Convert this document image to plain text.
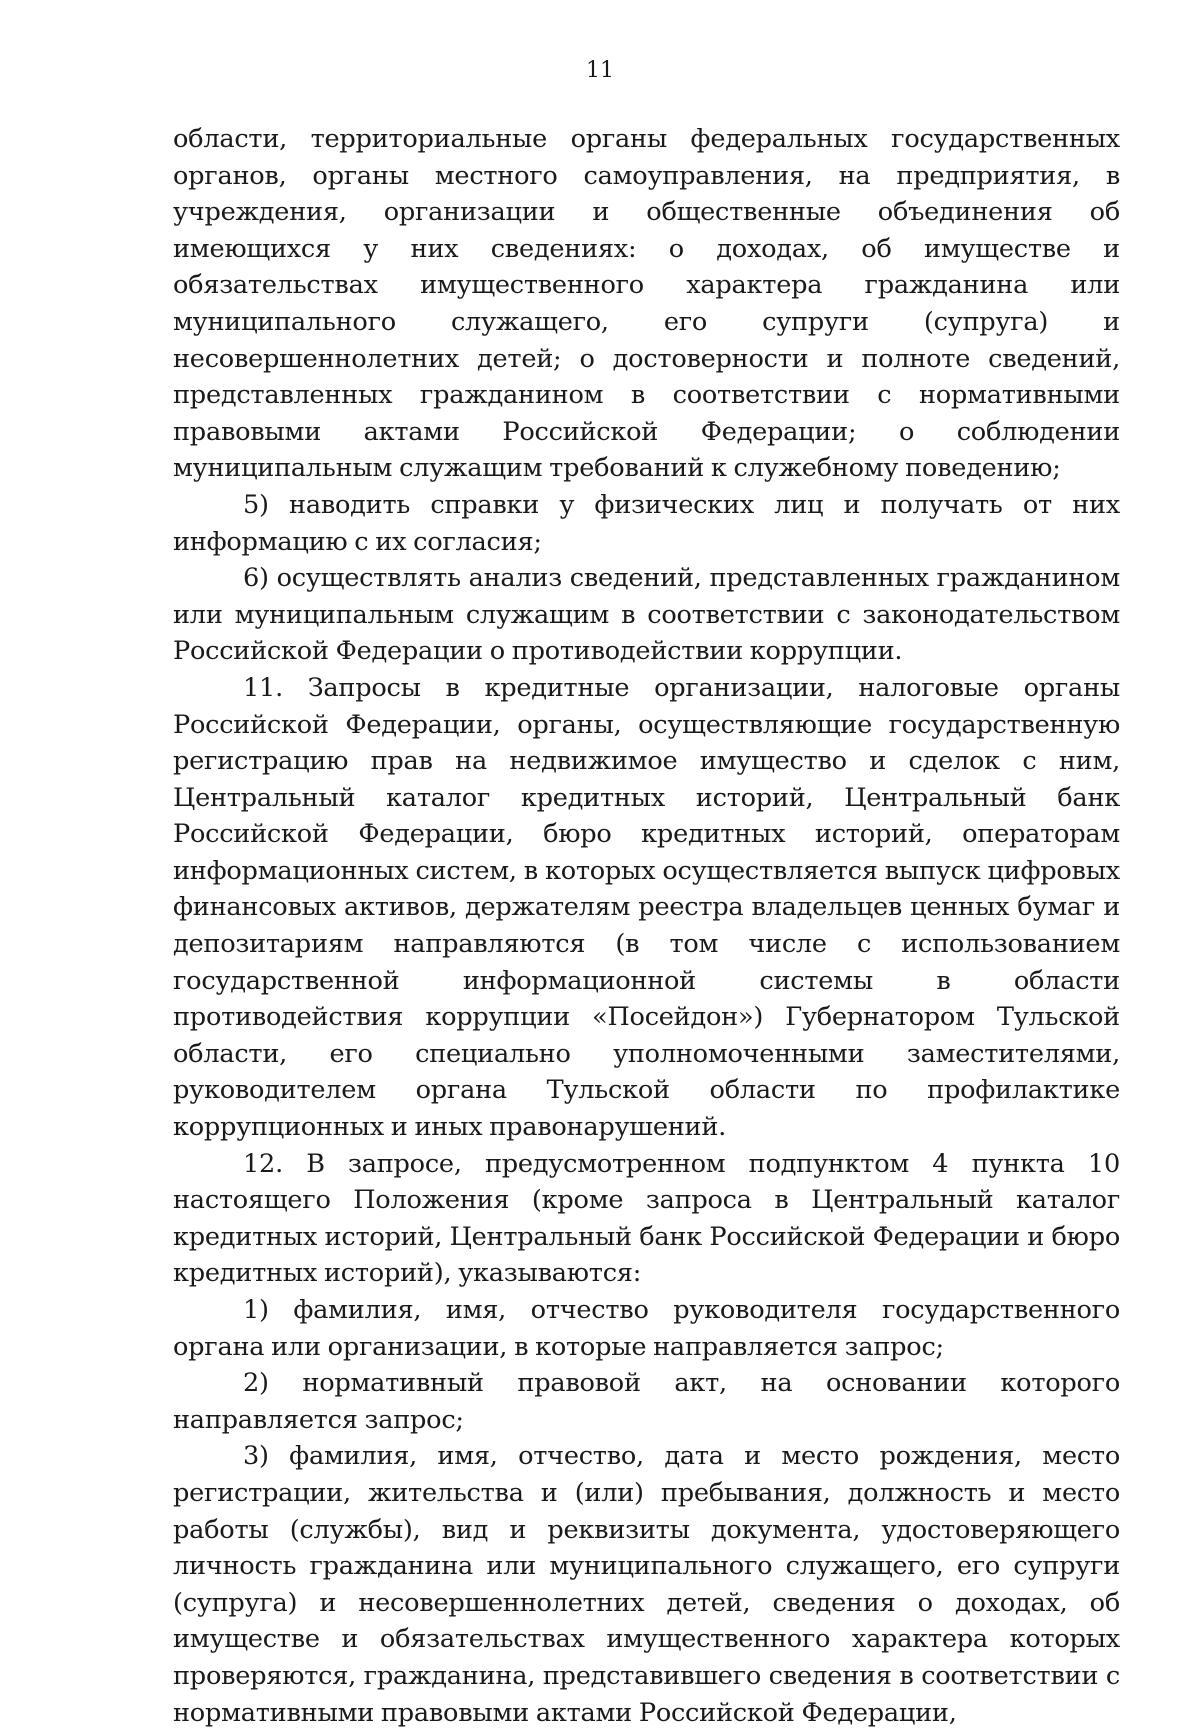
11

области, территориальные органы федеральных государственных органов, органы местного самоуправления, на предприятия, в учреждения, организации и общественные объединения об имеющихся у них сведениях: о доходах, об имуществе и обязательствах имущественного характера гражданина или муниципального служащего, его супруги (супруга) и несовершеннолетних детей; о достоверности и полноте сведений, представленных гражданином в соответствии с нормативными правовыми актами Российской Федерации; о соблюдении муниципальным служащим требований к служебному поведению;

5) наводить справки у физических лиц и получать от них информацию с их согласия;

6) осуществлять анализ сведений, представленных гражданином или муниципальным служащим в соответствии с законодательством Российской Федерации о противодействии коррупции.

11. Запросы в кредитные организации, налоговые органы Российской Федерации, органы, осуществляющие государственную регистрацию прав на недвижимое имущество и сделок с ним, Центральный каталог кредитных историй, Центральный банк Российской Федерации, бюро кредитных историй, операторам информационных систем, в которых осуществляется выпуск цифровых финансовых активов, держателям реестра владельцев ценных бумаг и депозитариям направляются (в том числе с использованием государственной информационной системы в области противодействия коррупции «Посейдон») Губернатором Тульской области, его специально уполномоченными заместителями, руководителем органа Тульской области по профилактике коррупционных и иных правонарушений.

12. В запросе, предусмотренном подпунктом 4 пункта 10 настоящего Положения (кроме запроса в Центральный каталог кредитных историй, Центральный банк Российской Федерации и бюро кредитных историй), указываются:

1) фамилия, имя, отчество руководителя государственного органа или организации, в которые направляется запрос;

2) нормативный правовой акт, на основании которого направляется запрос;

3) фамилия, имя, отчество, дата и место рождения, место регистрации, жительства и (или) пребывания, должность и место работы (службы), вид и реквизиты документа, удостоверяющего личность гражданина или муниципального служащего, его супруги (супруга) и несовершеннолетних детей, сведения о доходах, об имуществе и обязательствах имущественного характера которых проверяются, гражданина, представившего сведения в соответствии с нормативными правовыми актами Российской Федерации,
